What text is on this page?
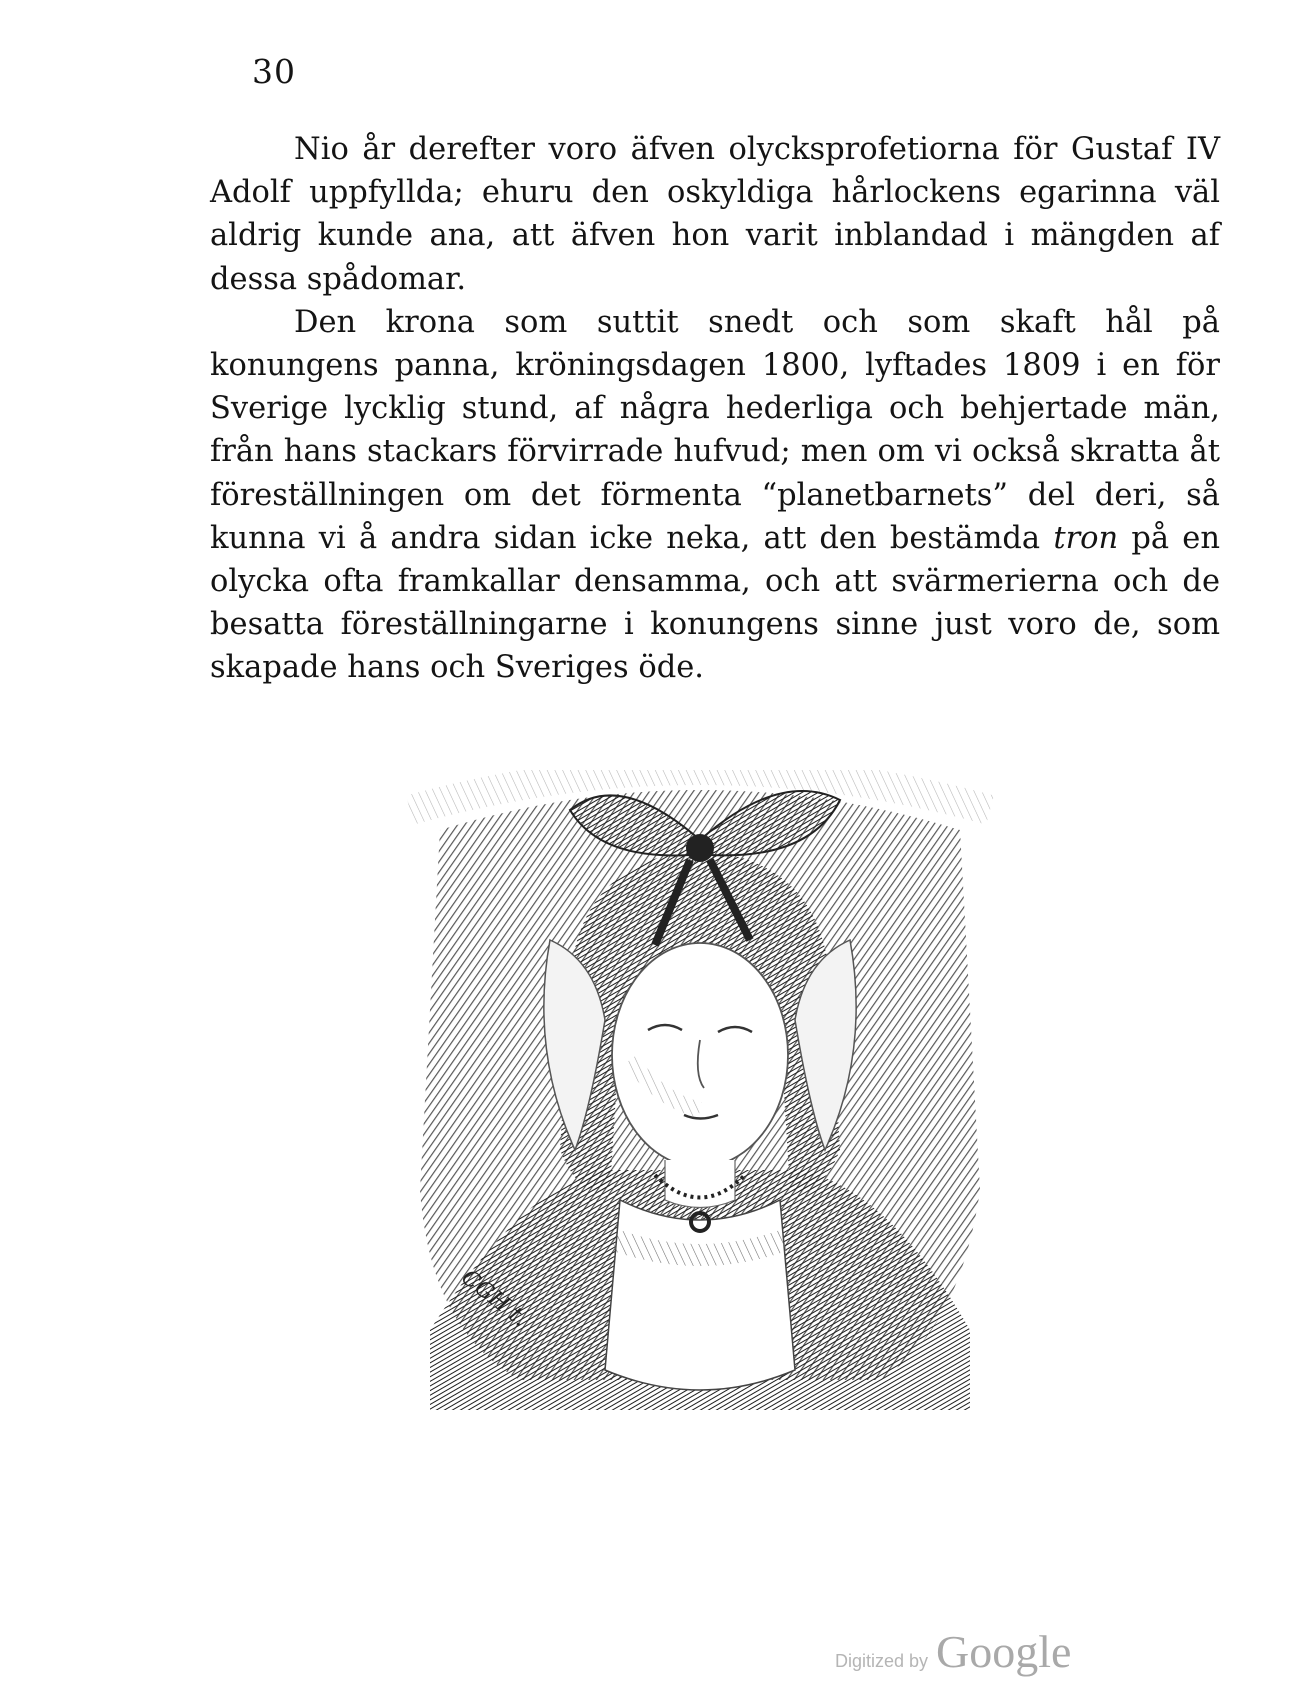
30

Nio år derefter voro äfven olycksprofetiorna för Gustaf IV Adolf uppfyllda; ehuru den oskyldiga hårlockens egarinna väl aldrig kunde ana, att äfven hon varit inblandad i mängden af dessa spådomar.

Den krona som suttit snedt och som skaft hål på konungens panna, kröningsdagen 1800, lyftades 1809 i en för Sverige lycklig stund, af några hederliga och behjertade män, från hans stackars förvirrade hufvud; men om vi också skratta åt föreställningen om det förmenta “planetbarnets” del deri, så kunna vi å andra sidan icke neka, att den bestämda tron på en olycka ofta framkallar densamma, och att svärmerierna och de besatta föreställningarne i konungens sinne just voro de, som skapade hans och Sveriges öde.

CGH t.
Digitized by Google
